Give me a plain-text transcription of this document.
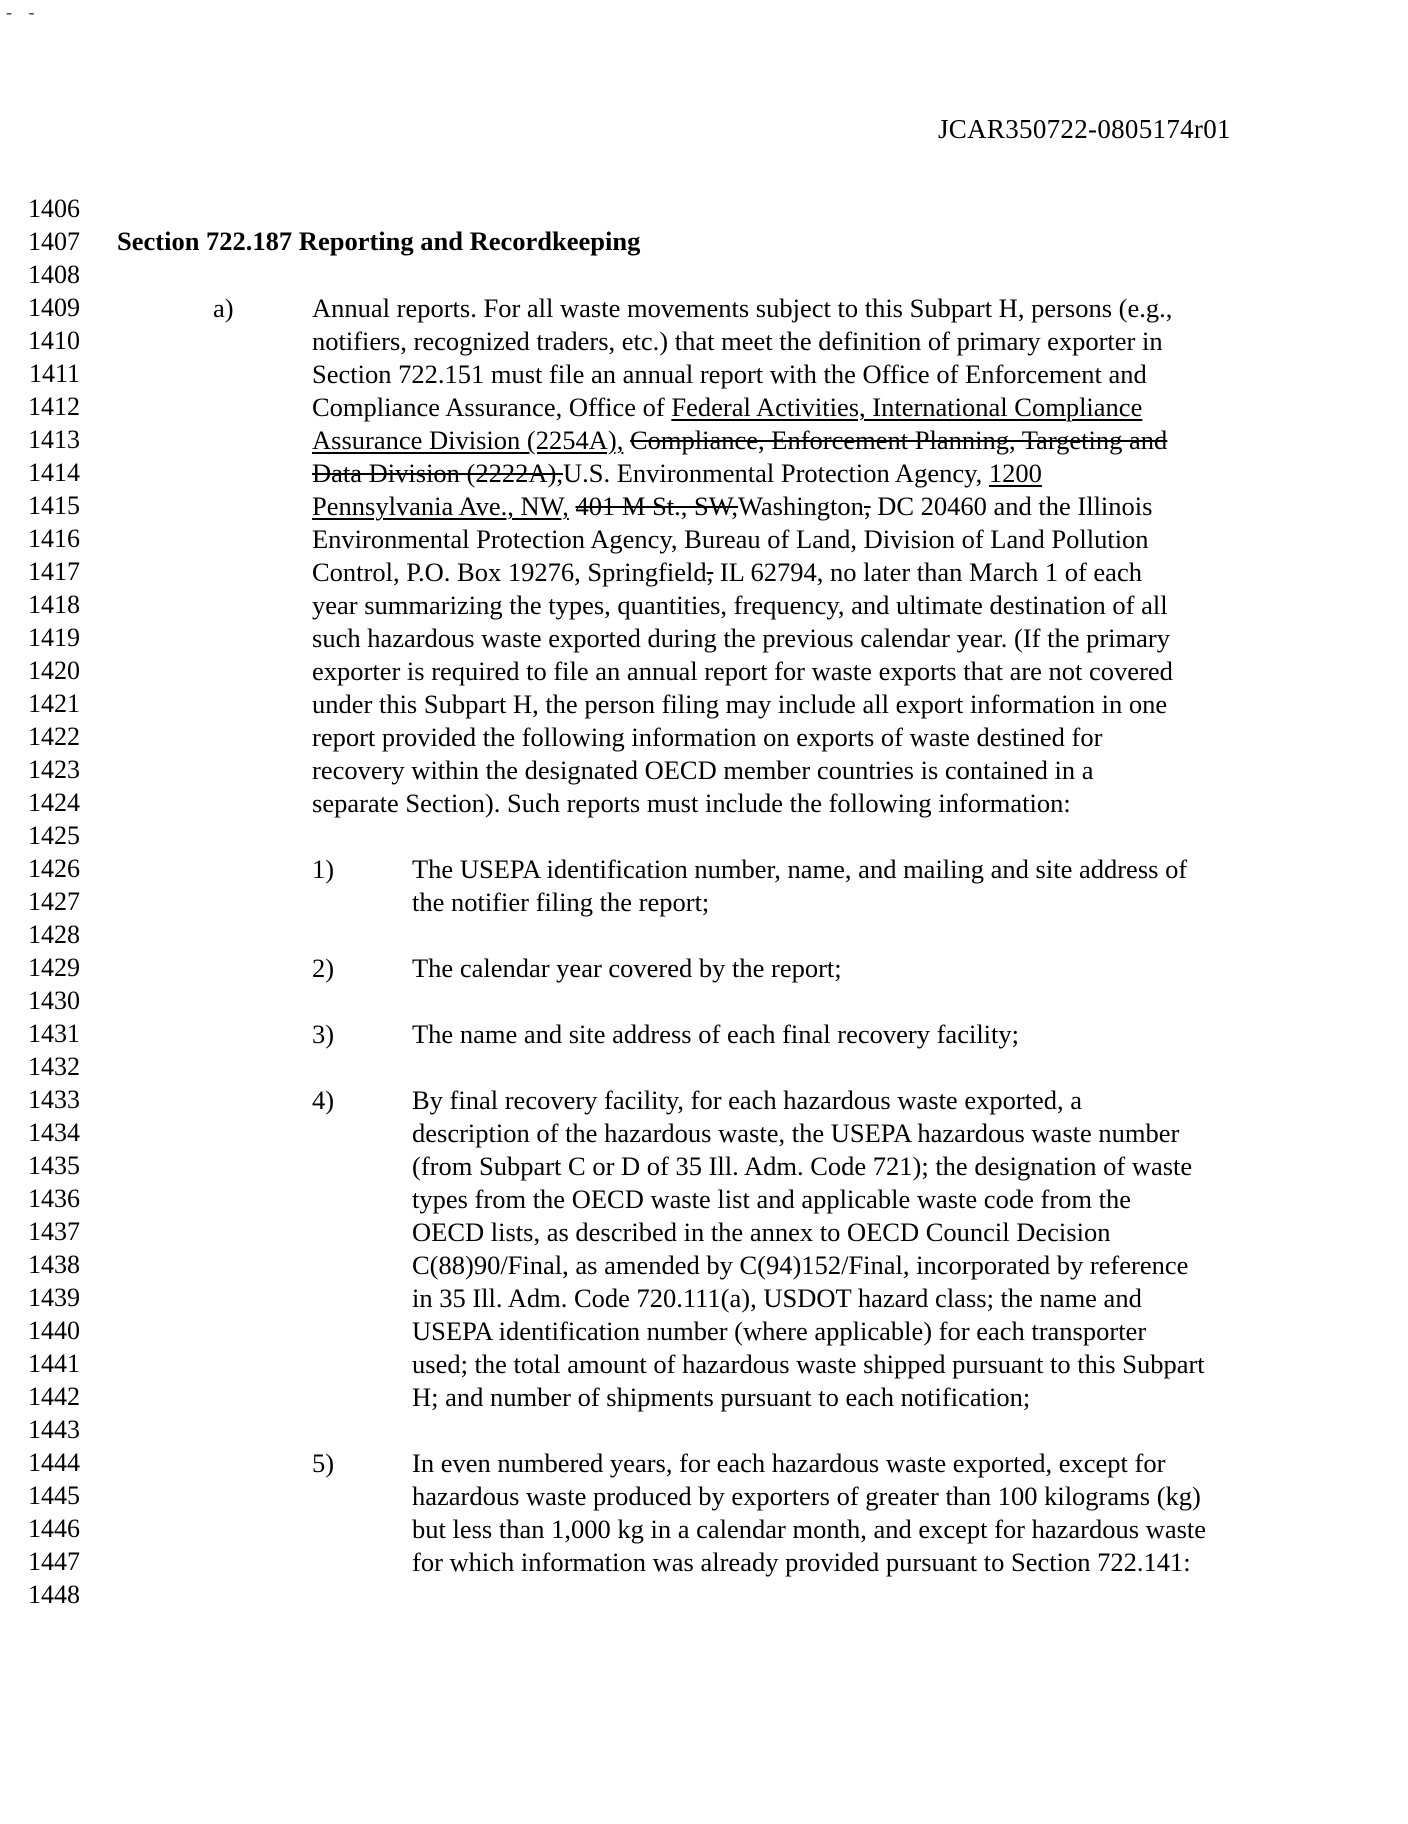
- -
JCAR350722-0805174r01
1406
1407
1408
1409
1410
1411
1412
1413
1414
1415
1416
1417
1418
1419
1420
1421
1422
1423
1424
1425
1426
1427
1428
1429
1430
1431
1432
1433
1434
1435
1436
1437
1438
1439
1440
1441
1442
1443
1444
1445
1446
1447
1448
Section 722.187 Reporting and Recordkeeping
a)	Annual reports. For all waste movements subject to this Subpart H, persons (e.g.,
notifiers, recognized traders, etc.) that meet the definition of primary exporter in
Section 722.151 must file an annual report with the Office of Enforcement and
Compliance Assurance, Office of Federal Activities, International Compliance
Assurance Division (2254A), Compliance, Enforcement Planning, Targeting and
Data Division (2222A),U.S. Environmental Protection Agency, 1200
Pennsylvania Ave., NW, 401 M St., SW,Washington, DC 20460 and the Illinois
Environmental Protection Agency, Bureau of Land, Division of Land Pollution
Control, P.O. Box 19276, Springfield, IL 62794, no later than March 1 of each
year summarizing the types, quantities, frequency, and ultimate destination of all
such hazardous waste exported during the previous calendar year. (If the primary
exporter is required to file an annual report for waste exports that are not covered
under this Subpart H, the person filing may include all export information in one
report provided the following information on exports of waste destined for
recovery within the designated OECD member countries is contained in a
separate Section). Such reports must include the following information:
1)	The USEPA identification number, name, and mailing and site address of
the notifier filing the report;
2)	The calendar year covered by the report;
3)	The name and site address of each final recovery facility;
4)	By final recovery facility, for each hazardous waste exported, a
description of the hazardous waste, the USEPA hazardous waste number
(from Subpart C or D of 35 Ill. Adm. Code 721); the designation of waste
types from the OECD waste list and applicable waste code from the
OECD lists, as described in the annex to OECD Council Decision
C(88)90/Final, as amended by C(94)152/Final, incorporated by reference
in 35 Ill. Adm. Code 720.111(a), USDOT hazard class; the name and
USEPA identification number (where applicable) for each transporter
used; the total amount of hazardous waste shipped pursuant to this Subpart
H; and number of shipments pursuant to each notification;
5)	In even numbered years, for each hazardous waste exported, except for
hazardous waste produced by exporters of greater than 100 kilograms (kg)
but less than 1,000 kg in a calendar month, and except for hazardous waste
for which information was already provided pursuant to Section 722.141:
